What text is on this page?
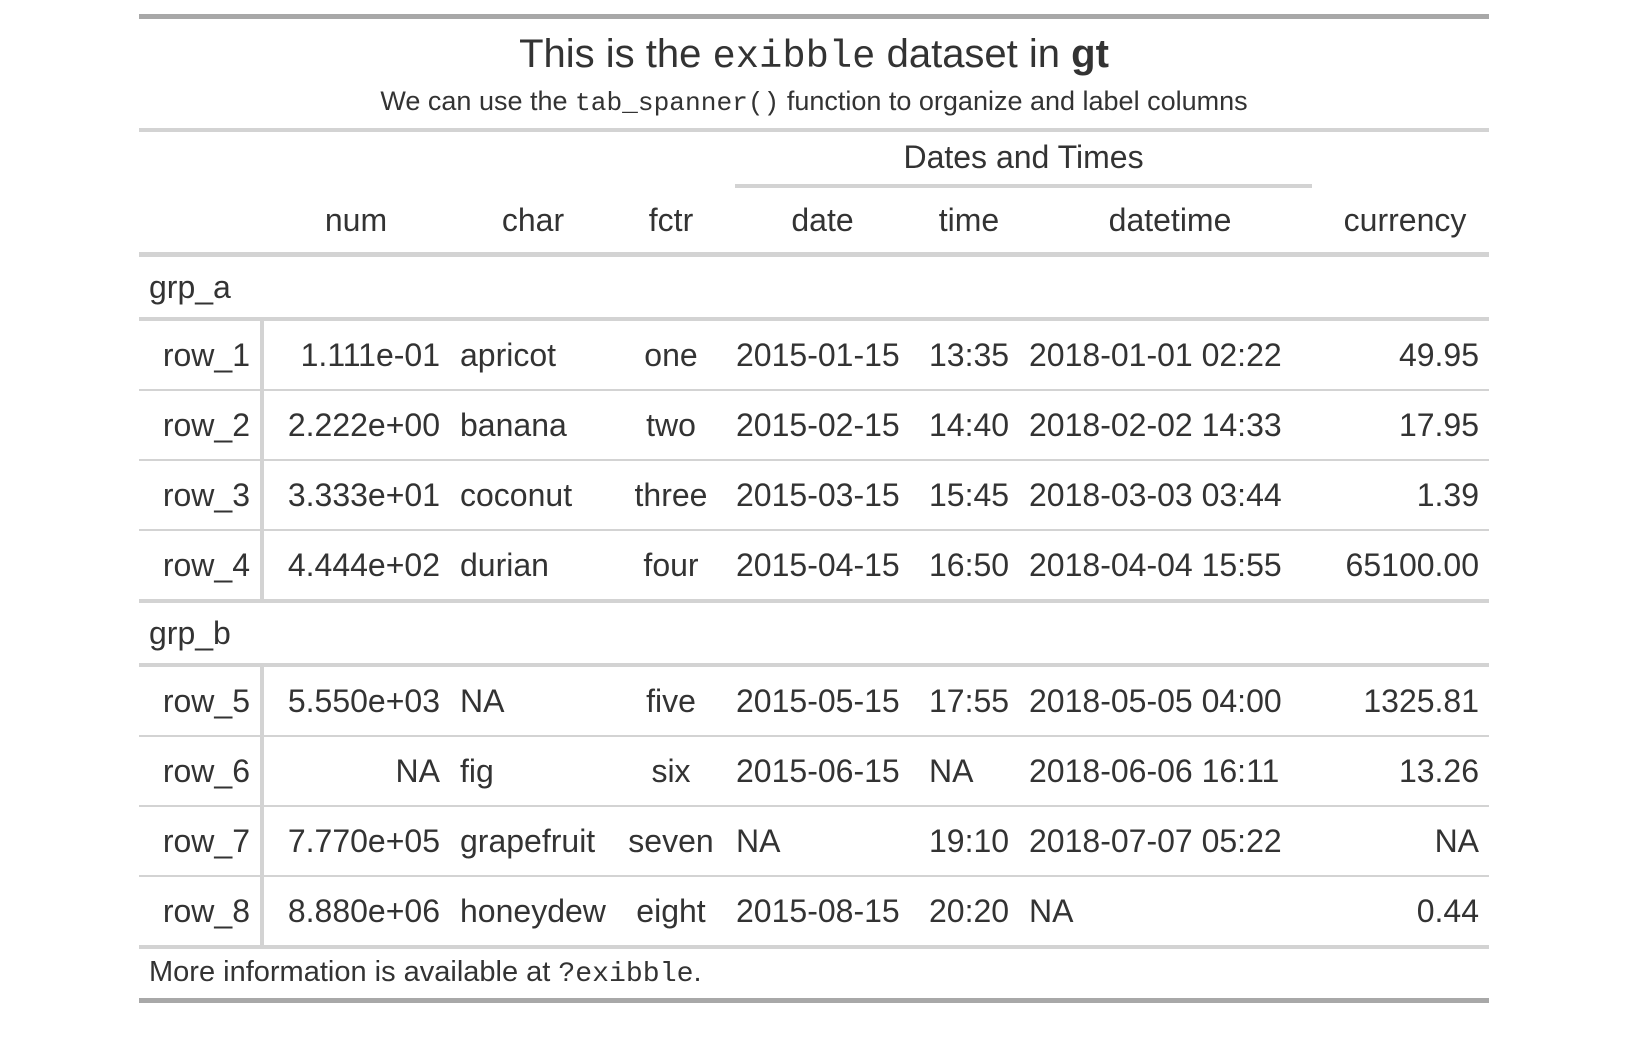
This is the exibble dataset in gt
We can use the tab_spanner() function to organize and label columns

				Dates and Times			

	num	char	fctr	date	time	datetime	currency
grp_a							
row_1	1.111e-01	apricot	one	2015-01-15	13:35	2018-01-01 02:22	49.95
row_2	2.222e+00	banana	two	2015-02-15	14:40	2018-02-02 14:33	17.95
row_3	3.333e+01	coconut	three	2015-03-15	15:45	2018-03-03 03:44	1.39
row_4	4.444e+02	durian	four	2015-04-15	16:50	2018-04-04 15:55	65100.00
grp_b							
row_5	5.550e+03	NA	five	2015-05-15	17:55	2018-05-05 04:00	1325.81
row_6	NA	fig	six	2015-06-15	NA	2018-06-06 16:11	13.26
row_7	7.770e+05	grapefruit	seven	NA	19:10	2018-07-07 05:22	NA
row_8	8.880e+06	honeydew	eight	2015-08-15	20:20	NA	0.44
More information is available at ?exibble.
